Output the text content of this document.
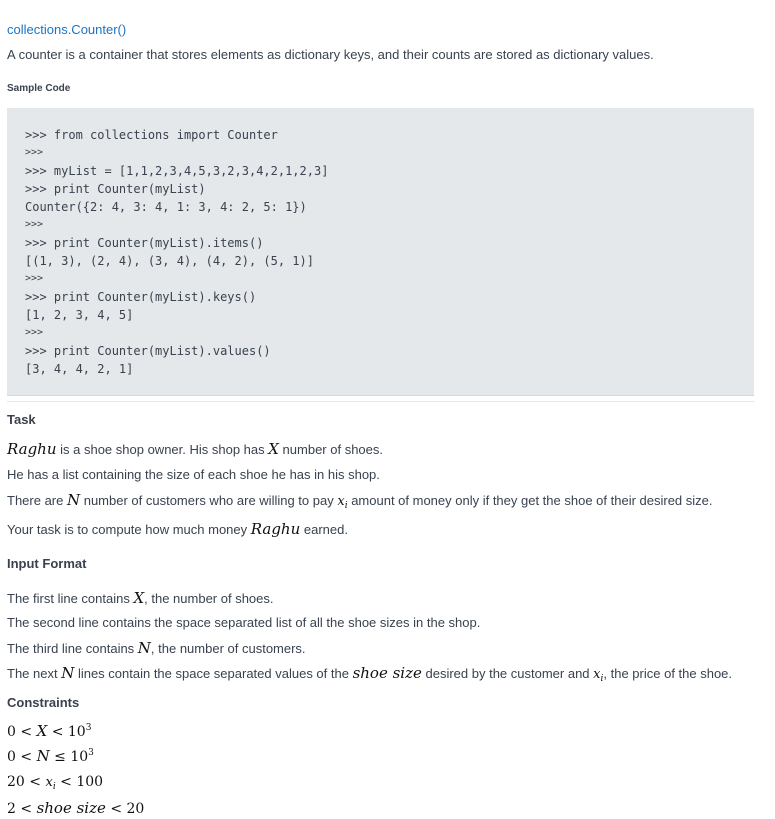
collections.Counter()
A counter is a container that stores elements as dictionary keys, and their counts are stored as dictionary values.
Sample Code
>>> from collections import Counter
>>>
>>> myList = [1,1,2,3,4,5,3,2,3,4,2,1,2,3]
>>> print Counter(myList)
Counter({2: 4, 3: 4, 1: 3, 4: 2, 5: 1})
>>>
>>> print Counter(myList).items()
[(1, 3), (2, 4), (3, 4), (4, 2), (5, 1)]
>>>
>>> print Counter(myList).keys()
[1, 2, 3, 4, 5]
>>>
>>> print Counter(myList).values()
[3, 4, 4, 2, 1]
Task
Raghu is a shoe shop owner. His shop has X number of shoes.
He has a list containing the size of each shoe he has in his shop.
There are N number of customers who are willing to pay $x_i$ amount of money only if they get the shoe of their desired size.
Your task is to compute how much money Raghu earned.
Input Format
The first line contains X, the number of shoes.
The second line contains the space separated list of all the shoe sizes in the shop.
The third line contains N, the number of customers.
The next N lines contain the space separated values of the shoe size desired by the customer and $x_i$, the price of the shoe.
Constraints
$0 < X < 10^3$
$0 < N \le 10^3$
$20 < x_i < 100$
2 < shoe size < 20
